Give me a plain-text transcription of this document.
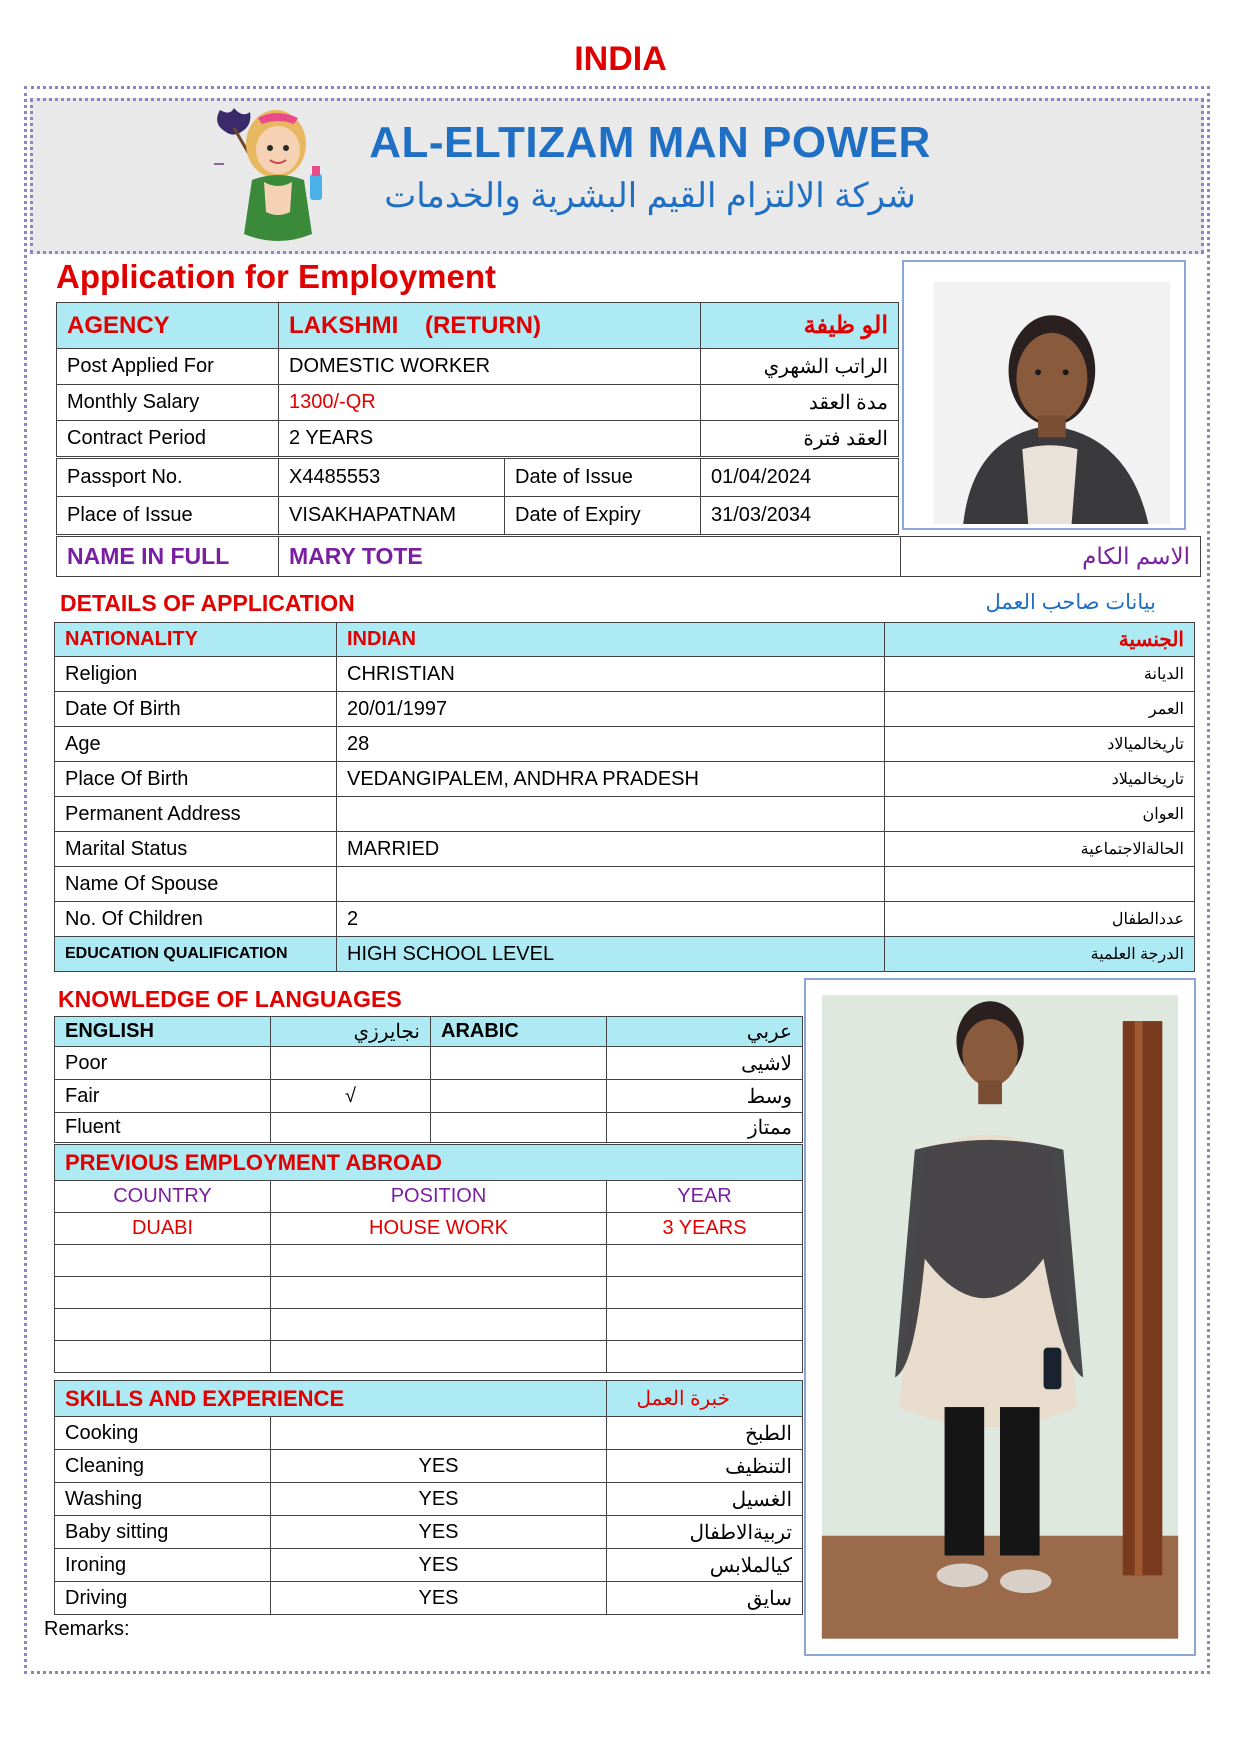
INDIA
AL-ELTIZAM MAN POWER
شركة الالتزام القيم البشرية والخدمات
Application for Employment
AGENCY	LAKSHMI    (RETURN)	الو ظيفة
Post Applied For	DOMESTIC WORKER	الراتب الشهري
Monthly Salary	1300/-QR	مدة العقد
Contract Period	2 YEARS	العقد فترة
Passport No.	X4485553	Date of Issue	01/04/2024
Place of Issue	VISAKHAPATNAM	Date of Expiry	31/03/2034
NAME IN FULL	MARY TOTE	الاسم الكام
DETAILS OF APPLICATION	بيانات صاحب العمل
NATIONALITY	INDIAN	الجنسية
Religion	CHRISTIAN	الديانة
Date Of Birth	20/01/1997	العمر
Age	28	تاريخالميالاد
Place Of Birth	VEDANGIPALEM, ANDHRA PRADESH	تاريخالميلاد
Permanent Address		العوان
Marital Status	MARRIED	الحالةالاجتماعية
Name Of Spouse		
No. Of Children	2	عددالطفال
EDUCATION QUALIFICATION	HIGH SCHOOL LEVEL	الدرجة العلمية
KNOWLEDGE OF LANGUAGES
ENGLISH	نجايرزي	ARABIC	عربي
Poor			لاشيى
Fair	√		وسط
Fluent			ممتاز
PREVIOUS EMPLOYMENT ABROAD		
COUNTRY	POSITION	YEAR
DUABI	HOUSE WORK	3 YEARS

SKILLS AND EXPERIENCE		خبرة العمل
Cooking		الطبخ
Cleaning	YES	التنظيف
Washing	YES	الغسيل
Baby sitting	YES	تربيةالاطفال
Ironing	YES	كيالملابس
Driving	YES	سايق
Remarks:
